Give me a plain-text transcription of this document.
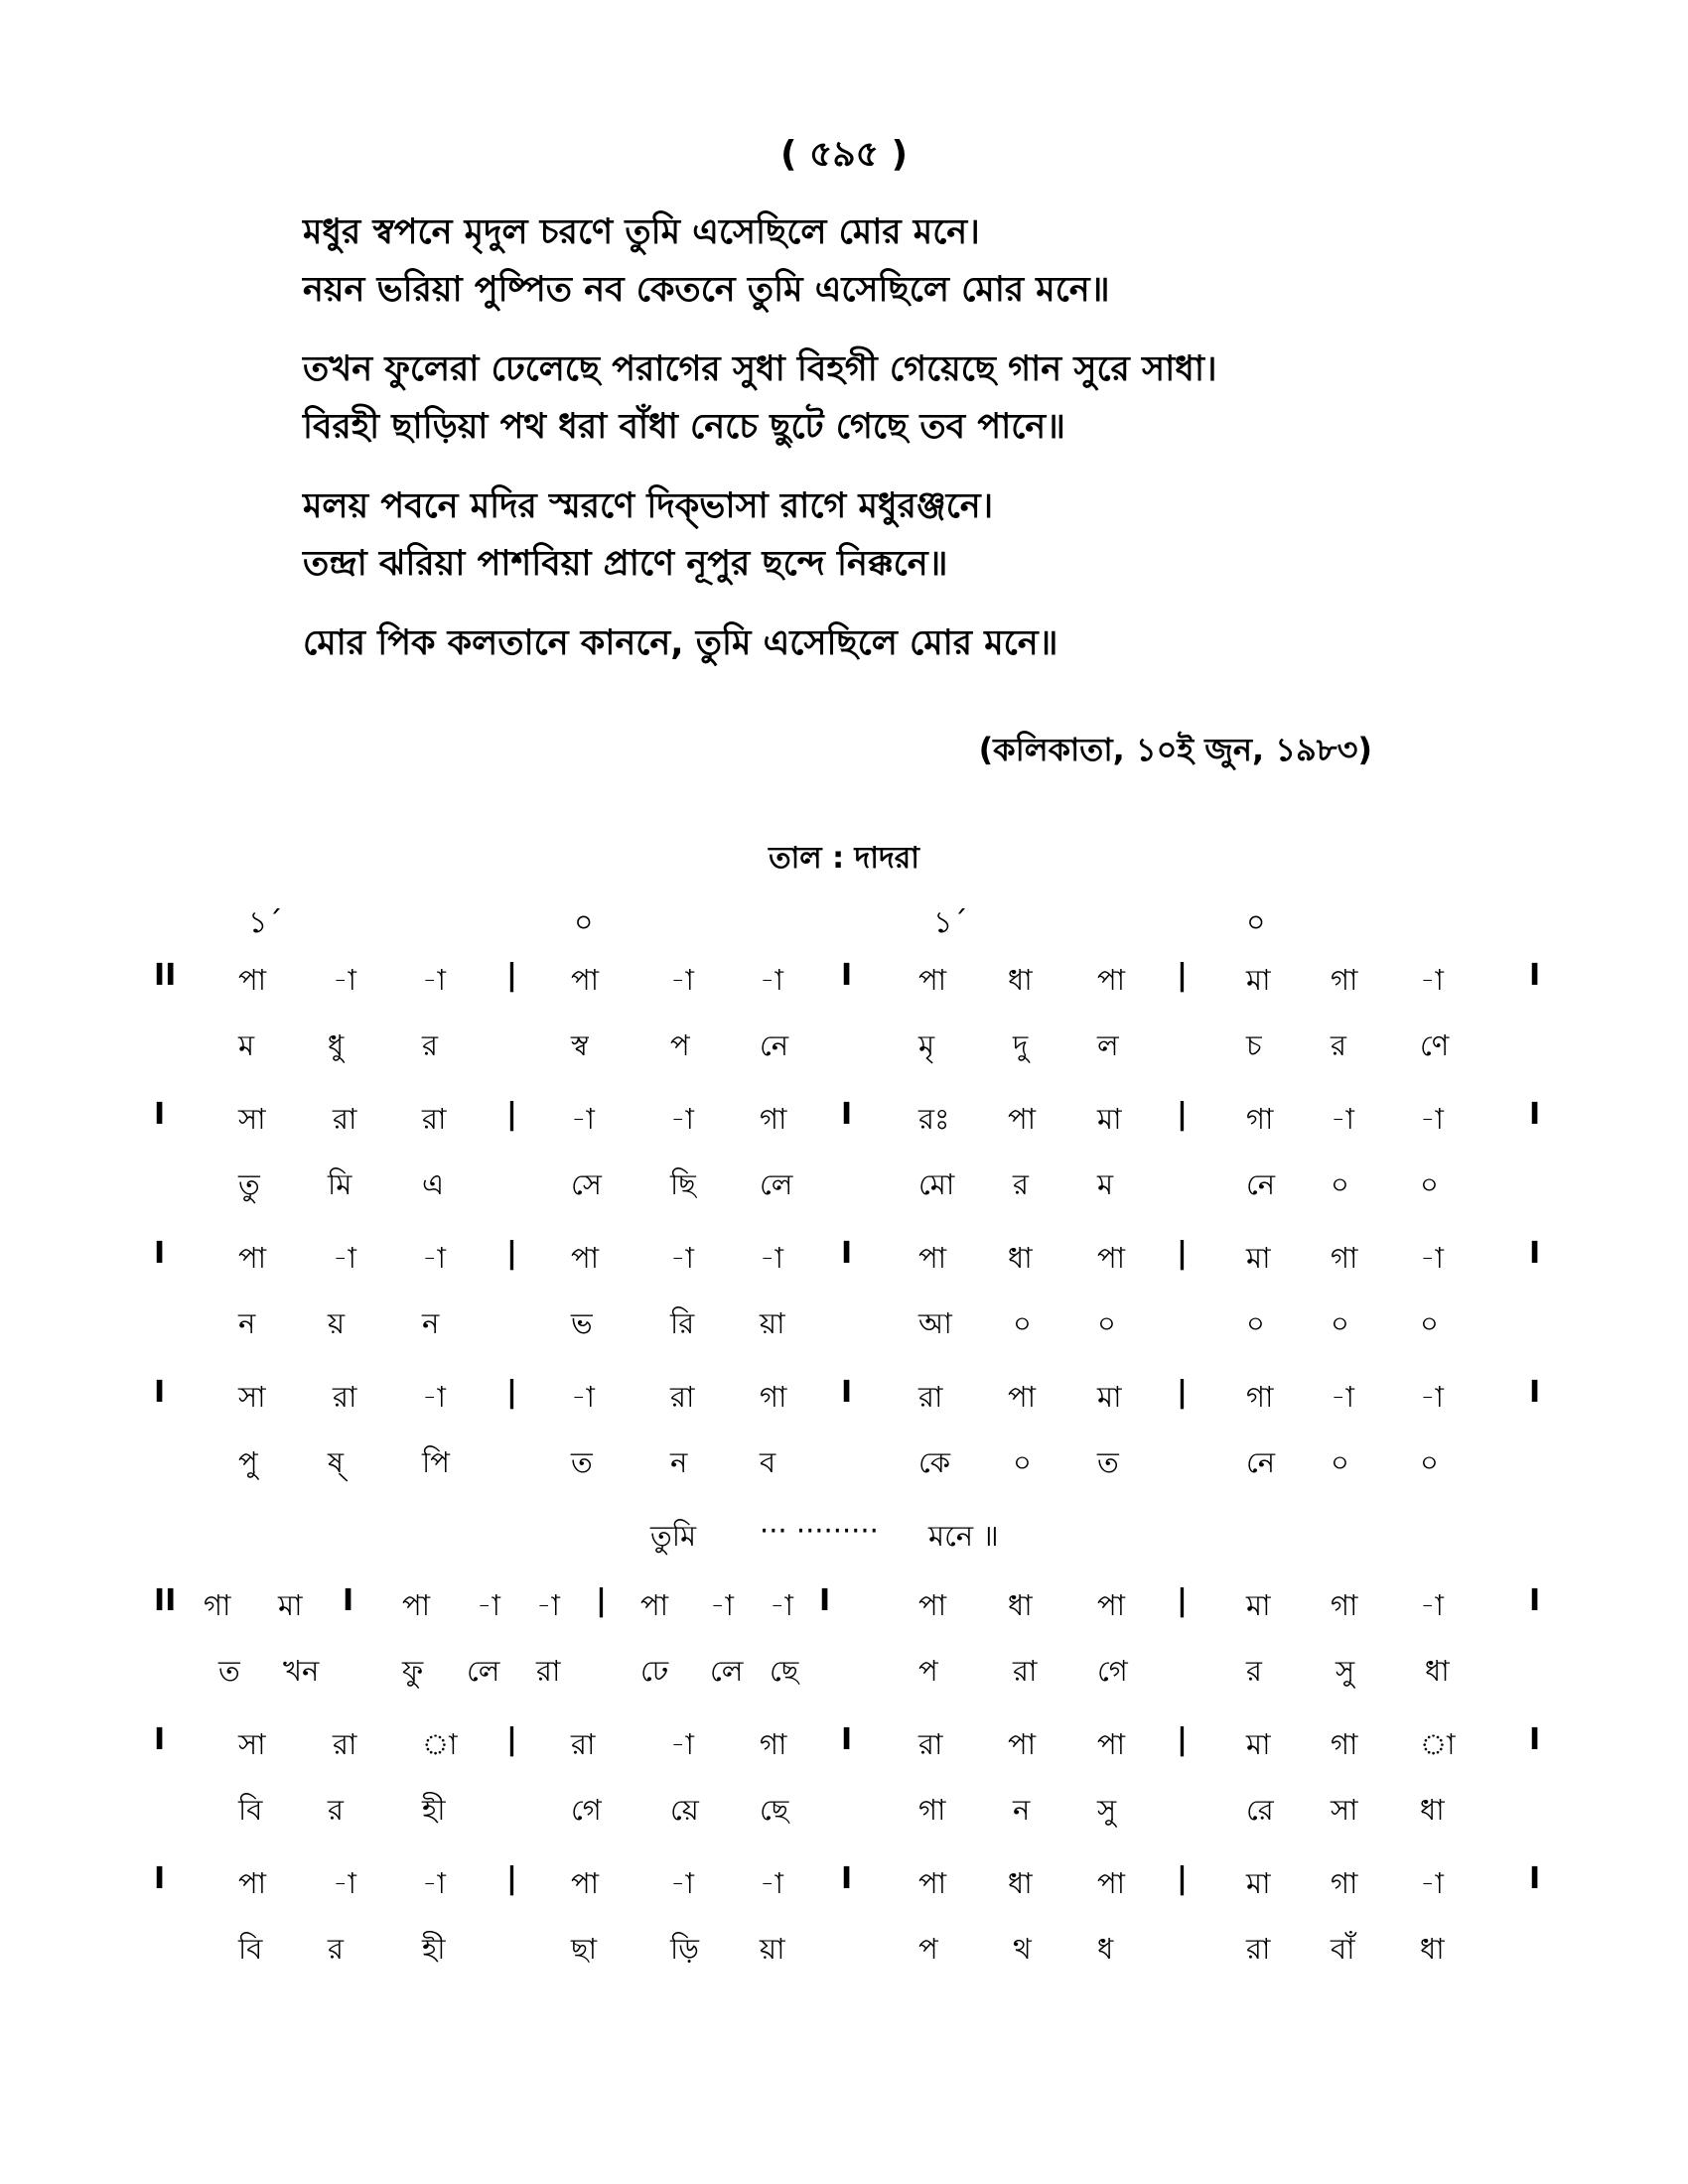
( ৫৯৫ )
মধুর স্বপনে মৃদুল চরণে তুমি এসেছিলে মোর মনে।
নয়ন ভরিয়া পুষ্পিত নব কেতনে তুমি এসেছিলে মোর মনে॥
তখন ফুলেরা ঢেলেছে পরাগের সুধা বিহগী গেয়েছে গান সুরে সাধা।
বিরহী ছাড়িয়া পথ ধরা বাঁধা নেচে ছুটে গেছে তব পানে॥
মলয় পবনে মদির স্মরণে দিক্‌ভাসা রাগে মধুরঞ্জনে।
তন্দ্রা ঝরিয়া পাশবিয়া প্রাণে নূপুর ছন্দে নিক্কনে॥
মোর পিক কলতানে কাননে, তুমি এসেছিলে মোর মনে॥
(কলিকাতা, ১০ই জুন, ১৯৮৩)
তাল : দাদরা
১´	০	১´	০
II পা -া -া | পা -া -া I পা ধা পা | মা গা -া	I
ম	ধু	র	স্ব	প নে	মৃ	দু ল	চ র	ণে
I	সা রা রা | -া	-া গা I রঃ পা মা | গা -া -া	I
তু মি এ	সে ছি লে	মো র ম	নে ০ ০
I	পা -া -া | পা -া -া I পা ধা পা | মা গা -া	I
ন	য়	ন	ভ	রি য়া	আ ০ ০	০ ০ ০
I	সা রা -া | -া	রা গা I রা পা মা | গা -া -া	I
পু ষ্‌	পি	ত	ন	ব	কে ০ ত	নে ০ ০
তুমি ··· ········· মনে ॥
II গা মা I পা -া -া | পা -া -া I	পা ধা পা | মা গা -া	I
ত খন	ফু লে রা	ঢে লে ছে	প	রা গে	র	সু ধা
I	সা রা া | রা	-া গা I রা পা পা | মা গা া I
বি র	হী	গে য়ে ছে	গা ন সু	রে সা ধা
I	পা -া -া | পা -া -া I পা ধা পা | মা গা -া	I
বি র	হী	ছা	ড়ি য়া	প	থ ধ	রা বাঁ ধা
